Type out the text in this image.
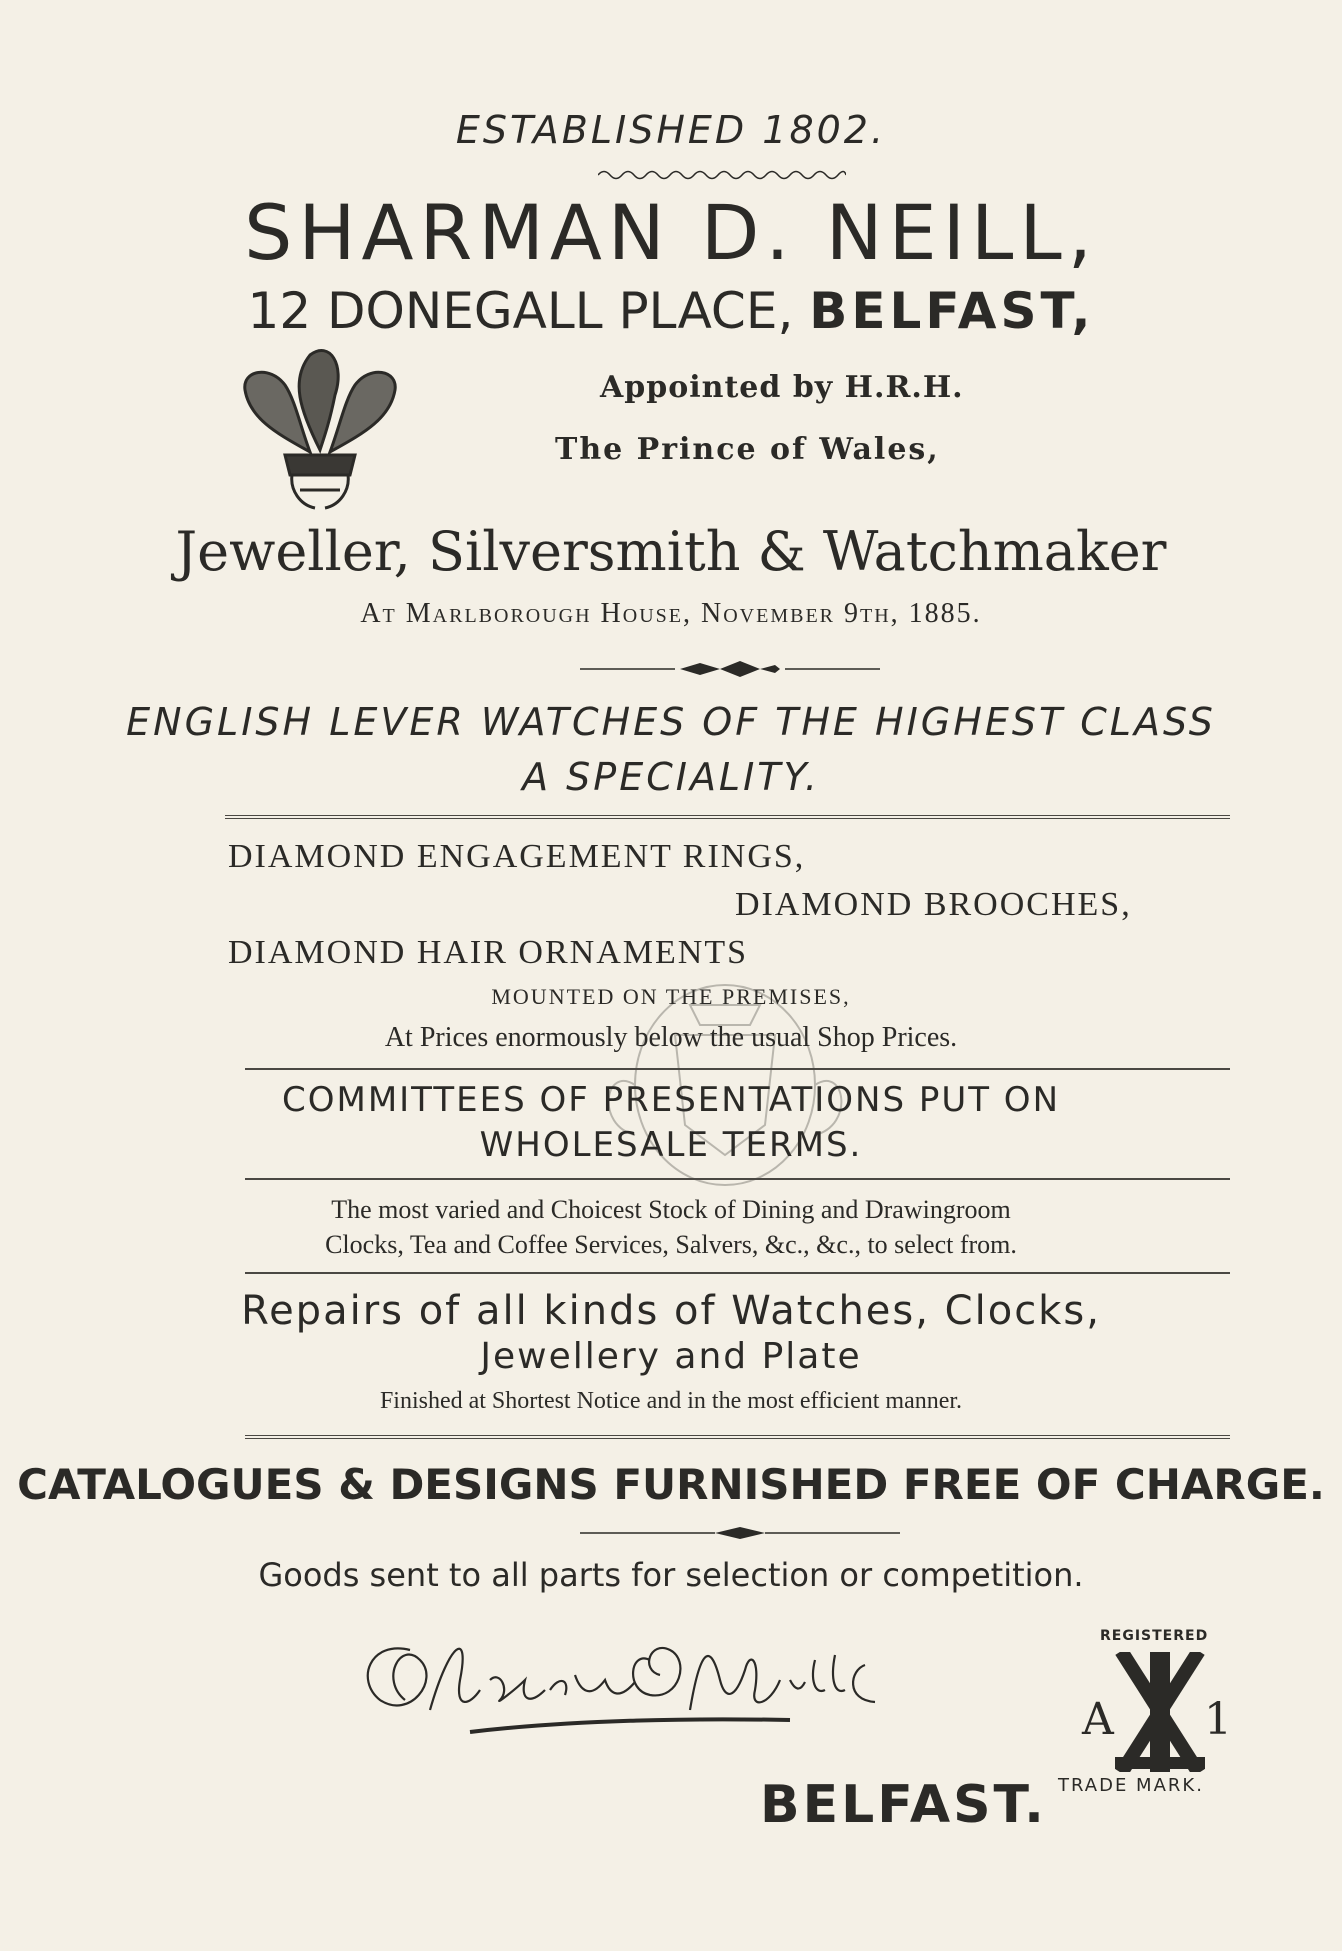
ESTABLISHED 1802.
SHARMAN D. NEILL,
12 DONEGALL PLACE, BELFAST,
Appointed by H.R.H.
The Prince of Wales,
Jeweller, Silversmith & Watchmaker
At Marlborough House, November 9th, 1885.
ENGLISH LEVER WATCHES OF THE HIGHEST CLASS
A SPECIALITY.
DIAMOND ENGAGEMENT RINGS,
DIAMOND BROOCHES,
DIAMOND HAIR ORNAMENTS
MOUNTED ON THE PREMISES,
At Prices enormously below the usual Shop Prices.
COMMITTEES OF PRESENTATIONS PUT ON
WHOLESALE TERMS.
The most varied and Choicest Stock of Dining and Drawingroom
Clocks, Tea and Coffee Services, Salvers, &c., &c., to select from.
Repairs of all kinds of Watches, Clocks,
Jewellery and Plate
Finished at Shortest Notice and in the most efficient manner.
CATALOGUES & DESIGNS FURNISHED FREE OF CHARGE.
Goods sent to all parts for selection or competition.
BELFAST.
REGISTERED
A 1
TRADE MARK.
